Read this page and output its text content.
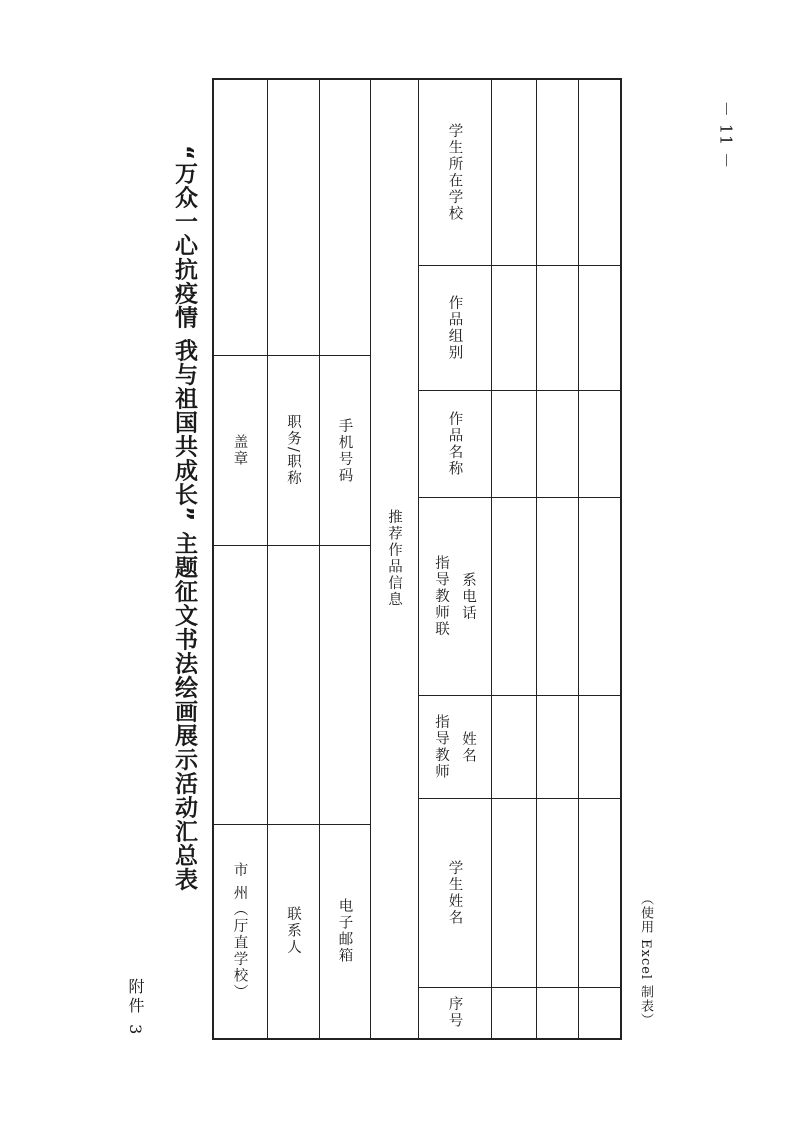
附件 3
“万众一心抗疫情 我与祖国共成长” 主题征文书法绘画展示活动汇总表
－ 11 －
（使用 Excel 制表）
市 州（厅直学校）
盖章
联系人
职务/职称
电子邮箱
手机号码
推荐作品信息
序号
学生姓名
指导教师 姓名
指导教师联 系电话
作品名称
作品组别
学生所在学校
